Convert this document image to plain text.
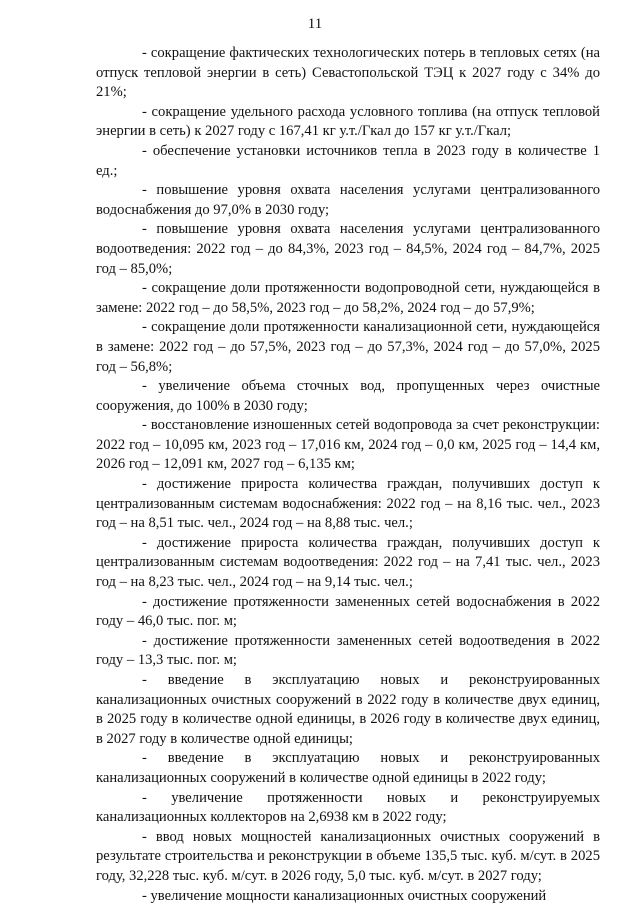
11

- сокращение фактических технологических потерь в тепловых сетях (на отпуск тепловой энергии в сеть) Севастопольской ТЭЦ к 2027 году с 34% до 21%;

- сокращение удельного расхода условного топлива (на отпуск тепловой энергии в сеть) к 2027 году с 167,41 кг у.т./Гкал до 157 кг у.т./Гкал;

- обеспечение установки источников тепла в 2023 году в количестве 1 ед.;

- повышение уровня охвата населения услугами централизованного водоснабжения до 97,0% в 2030 году;

- повышение уровня охвата населения услугами централизованного водоотведения: 2022 год – до 84,3%, 2023 год – 84,5%, 2024 год – 84,7%, 2025 год – 85,0%;

- сокращение доли протяженности водопроводной сети, нуждающейся в замене: 2022 год – до 58,5%, 2023 год – до 58,2%, 2024 год – до 57,9%;

- сокращение доли протяженности канализационной сети, нуждающейся в замене: 2022 год – до 57,5%, 2023 год – до 57,3%, 2024 год – до 57,0%, 2025 год – 56,8%;

- увеличение объема сточных вод, пропущенных через очистные сооружения, до 100% в 2030 году;

- восстановление изношенных сетей водопровода за счет реконструкции: 2022 год – 10,095 км, 2023 год – 17,016 км, 2024 год – 0,0 км, 2025 год – 14,4 км, 2026 год – 12,091 км, 2027 год – 6,135 км;

- достижение прироста количества граждан, получивших доступ к централизованным системам водоснабжения: 2022 год – на 8,16 тыс. чел., 2023 год – на 8,51 тыс. чел., 2024 год – на 8,88 тыс. чел.;

- достижение прироста количества граждан, получивших доступ к централизованным системам водоотведения: 2022 год – на 7,41 тыс. чел., 2023 год – на 8,23 тыс. чел., 2024 год – на 9,14 тыс. чел.;

- достижение протяженности замененных сетей водоснабжения в 2022 году – 46,0 тыс. пог. м;

- достижение протяженности замененных сетей водоотведения в 2022 году – 13,3 тыс. пог. м;

- введение в эксплуатацию новых и реконструированных канализационных очистных сооружений в 2022 году в количестве двух единиц, в 2025 году в количестве одной единицы, в 2026 году в количестве двух единиц, в 2027 году в количестве одной единицы;

- введение в эксплуатацию новых и реконструированных канализационных сооружений в количестве одной единицы в 2022 году;

- увеличение протяженности новых и реконструируемых канализационных коллекторов на 2,6938 км в 2022 году;

- ввод новых мощностей канализационных очистных сооружений в результате строительства и реконструкции в объеме 135,5 тыс. куб. м/сут. в 2025 году, 32,228 тыс. куб. м/сут. в 2026 году, 5,0 тыс. куб. м/сут. в 2027 году;

- увеличение мощности канализационных очистных сооружений
